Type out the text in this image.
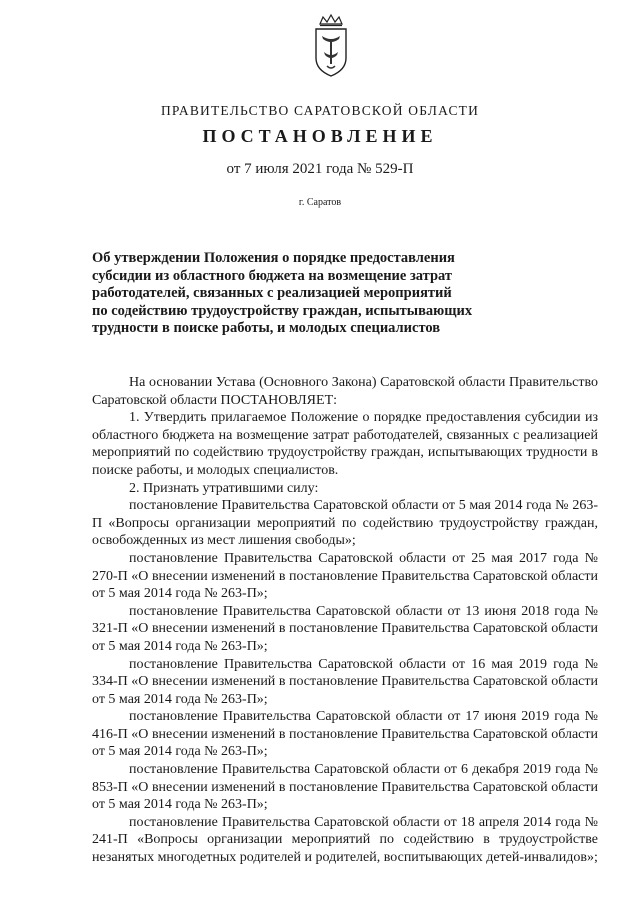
ПРАВИТЕЛЬСТВО САРАТОВСКОЙ ОБЛАСТИ
ПОСТАНОВЛЕНИЕ
от 7 июля 2021 года № 529-П
г. Саратов
Об утверждении Положения о порядке предоставления
субсидии из областного бюджета на возмещение затрат
работодателей, связанных с реализацией мероприятий
по содействию трудоустройству граждан, испытывающих
трудности в поиске работы, и молодых специалистов

На основании Устава (Основного Закона) Саратовской области Правительство Саратовской области ПОСТАНОВЛЯЕТ:

1. Утвердить прилагаемое Положение о порядке предоставления субсидии из областного бюджета на возмещение затрат работодателей, связанных с реализацией мероприятий по содействию трудоустройству граждан, испытывающих трудности в поиске работы, и молодых специалистов.

2. Признать утратившими силу:

постановление Правительства Саратовской области от 5 мая 2014 года № 263-П «Вопросы организации мероприятий по содействию трудоустройству граждан, освобожденных из мест лишения свободы»;

постановление Правительства Саратовской области от 25 мая 2017 года № 270-П «О внесении изменений в постановление Правительства Саратовской области от 5 мая 2014 года № 263-П»;

постановление Правительства Саратовской области от 13 июня 2018 года № 321-П «О внесении изменений в постановление Правительства Саратовской области от 5 мая 2014 года № 263-П»;

постановление Правительства Саратовской области от 16 мая 2019 года № 334-П «О внесении изменений в постановление Правительства Саратовской области от 5 мая 2014 года № 263-П»;

постановление Правительства Саратовской области от 17 июня 2019 года № 416-П «О внесении изменений в постановление Правительства Саратовской области от 5 мая 2014 года № 263-П»;

постановление Правительства Саратовской области от 6 декабря 2019 года № 853-П «О внесении изменений в постановление Правительства Саратовской области от 5 мая 2014 года № 263-П»;

постановление Правительства Саратовской области от 18 апреля 2014 года № 241-П «Вопросы организации мероприятий по содействию в трудоустройстве незанятых многодетных родителей и родителей, воспитывающих детей-инвалидов»;
